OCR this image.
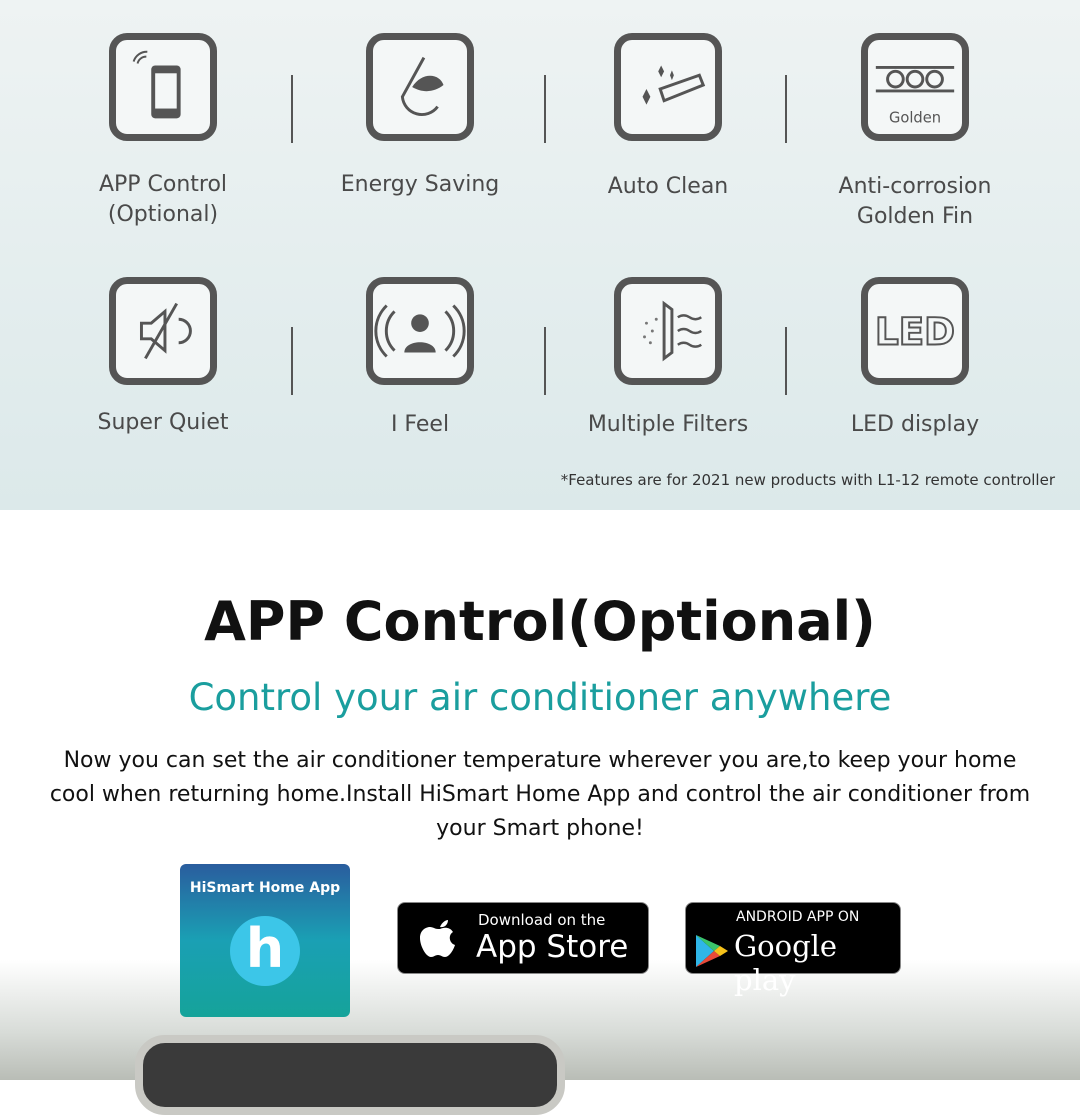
APP Control
(Optional)
Energy Saving	Auto Clean
Golden
Anti-corrosion
Golden Fin
Super Quiet	I Feel	Multiple Filters
LED
LED display
*Features are for 2021 new products with L1-12 remote controller
APP Control(Optional)
Control your air conditioner anywhere
Now you can set the air conditioner temperature wherever you are,to keep your home cool when returning home.Install HiSmart Home App and control the air conditioner from your Smart phone!
HiSmart Home App
h	Download on the
App Store
ANDROID APP ON
Google play
